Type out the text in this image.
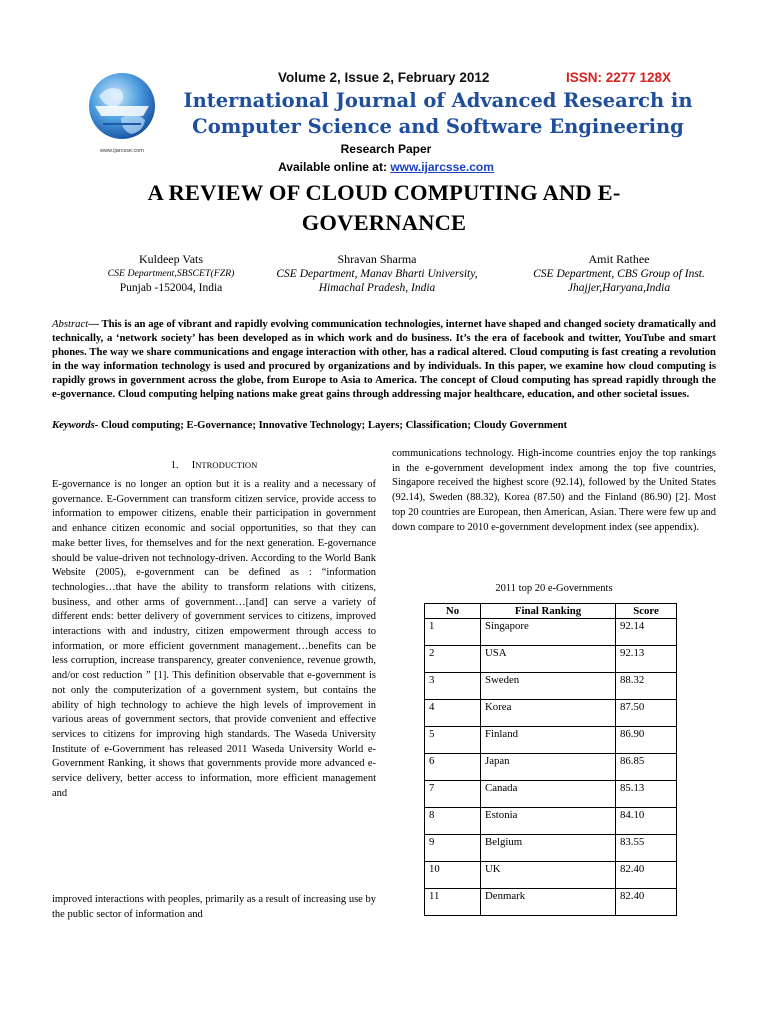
www.ijarcsse.com
Volume 2, Issue 2, February 2012	ISSN: 2277 128X
International Journal of Advanced Research in
Computer Science and Software Engineering
Research Paper
Available online at: www.ijarcsse.com
A REVIEW OF CLOUD COMPUTING AND E-
GOVERNANCE
Kuldeep Vats
CSE Department,SBSCET(FZR)
Punjab -152004, India
Shravan Sharma
CSE Department, Manav Bharti University,
Himachal Pradesh, India
Amit Rathee
CSE Department, CBS Group of Inst.
Jhajjer,Haryana,India
Abstract— This is an age of vibrant and rapidly evolving communication technologies, internet have shaped and changed society dramatically and technically, a ‘network society’ has been developed as in which work and do business. It’s the era of facebook and twitter, YouTube and smart phones. The way we share communications and engage interaction with other, has a radical altered. Cloud computing is fast creating a revolution in the way information technology is used and procured by organizations and by individuals. In this paper, we examine how cloud computing is rapidly grows in government across the globe, from Europe to Asia to America. The concept of Cloud computing has spread rapidly through the e-governance. Cloud computing helping nations make great gains through addressing major healthcare, education, and other societal issues.
Keywords- Cloud computing; E-Governance; Innovative Technology; Layers; Classification; Cloudy Government
1. INTRODUCTION
E-governance is no longer an option but it is a reality and a necessary of governance. E-Government can transform citizen service, provide access to information to empower citizens, enable their participation in government and enhance citizen economic and social opportunities, so that they can make better lives, for themselves and for the next generation. E-governance should be value-driven not technology-driven. According to the World Bank Website (2005), e-government can be defined as : “information technologies…that have the ability to transform relations with citizens, business, and other arms of government…[and] can serve a variety of different ends: better delivery of government services to citizens, improved interactions with and industry, citizen empowerment through access to information, or more efficient government management…benefits can be less corruption, increase transparency, greater convenience, revenue growth, and/or cost reduction ” [1]. This definition observable that e-government is not only the computerization of a government system, but contains the ability of high technology to achieve the high levels of improvement in various areas of government sectors, that provide convenient and effective services to citizens for improving high standards. The Waseda University Institute of e-Government has released 2011 Waseda University World e-Government Ranking, it shows that governments provide more advanced e-service delivery, better access to information, more efficient management and
improved interactions with peoples, primarily as a result of increasing use by the public sector of information and
communications technology. High-income countries enjoy the top rankings in the e-government development index among the top five countries, Singapore received the highest score (92.14), followed by the United States (92.14), Sweden (88.32), Korea (87.50) and the Finland (86.90) [2]. Most top 20 countries are European, then American, Asian. There were few up and down compare to 2010 e-government development index (see appendix).
2011 top 20 e-Governments
No	Final Ranking	Score
1	Singapore	92.14
2	USA	92.13
3	Sweden	88.32
4	Korea	87.50
5	Finland	86.90
6	Japan	86.85
7	Canada	85.13
8	Estonia	84.10
9	Belgium	83.55
10	UK	82.40
11	Denmark	82.40
